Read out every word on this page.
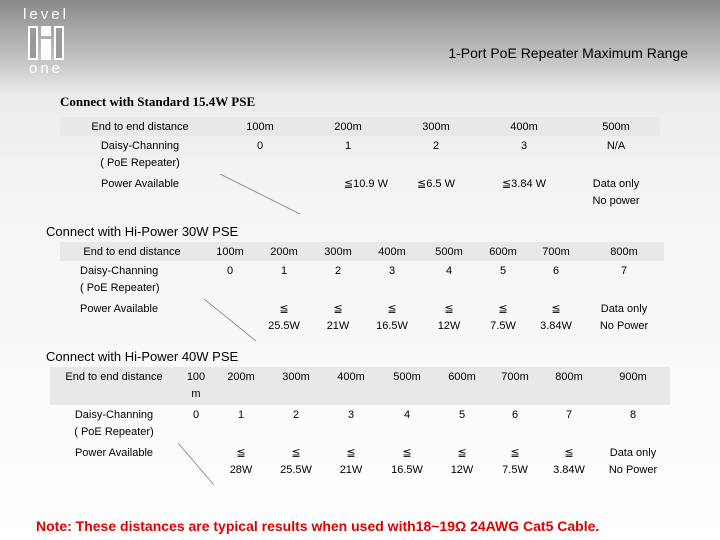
level
one
1-Port PoE Repeater Maximum Range
Connect with Standard 15.4W PSE
End to end distance	100m	200m	300m	400m	500m
Daisy-Channing
( PoE Repeater)	0	1	2	3	N/A
Power Available		≦10.9 W	≦6.5 W	≦3.84 W	Data only
No power
Connect with Hi-Power 30W PSE
End to end distance	100m	200m	300m	400m	500m	600m	700m	800m
Daisy-Channing
( PoE Repeater)	0	1	2	3	4	5	6	7
Power Available		≦
25.5W	≦
21W	≦
16.5W	≦
12W	≦
7.5W	≦
3.84W	Data only
No Power
Connect with Hi-Power 40W PSE
End to end distance	100
m	200m	300m	400m	500m	600m	700m	800m	900m
Daisy-Channing
( PoE Repeater)	0	1	2	3	4	5	6	7	8
Power Available		≦
28W	≦
25.5W	≦
21W	≦
16.5W	≦
12W	≦
7.5W	≦
3.84W	Data only
No Power
Note: These distances are typical results when used with18~19Ω 24AWG Cat5 Cable.
